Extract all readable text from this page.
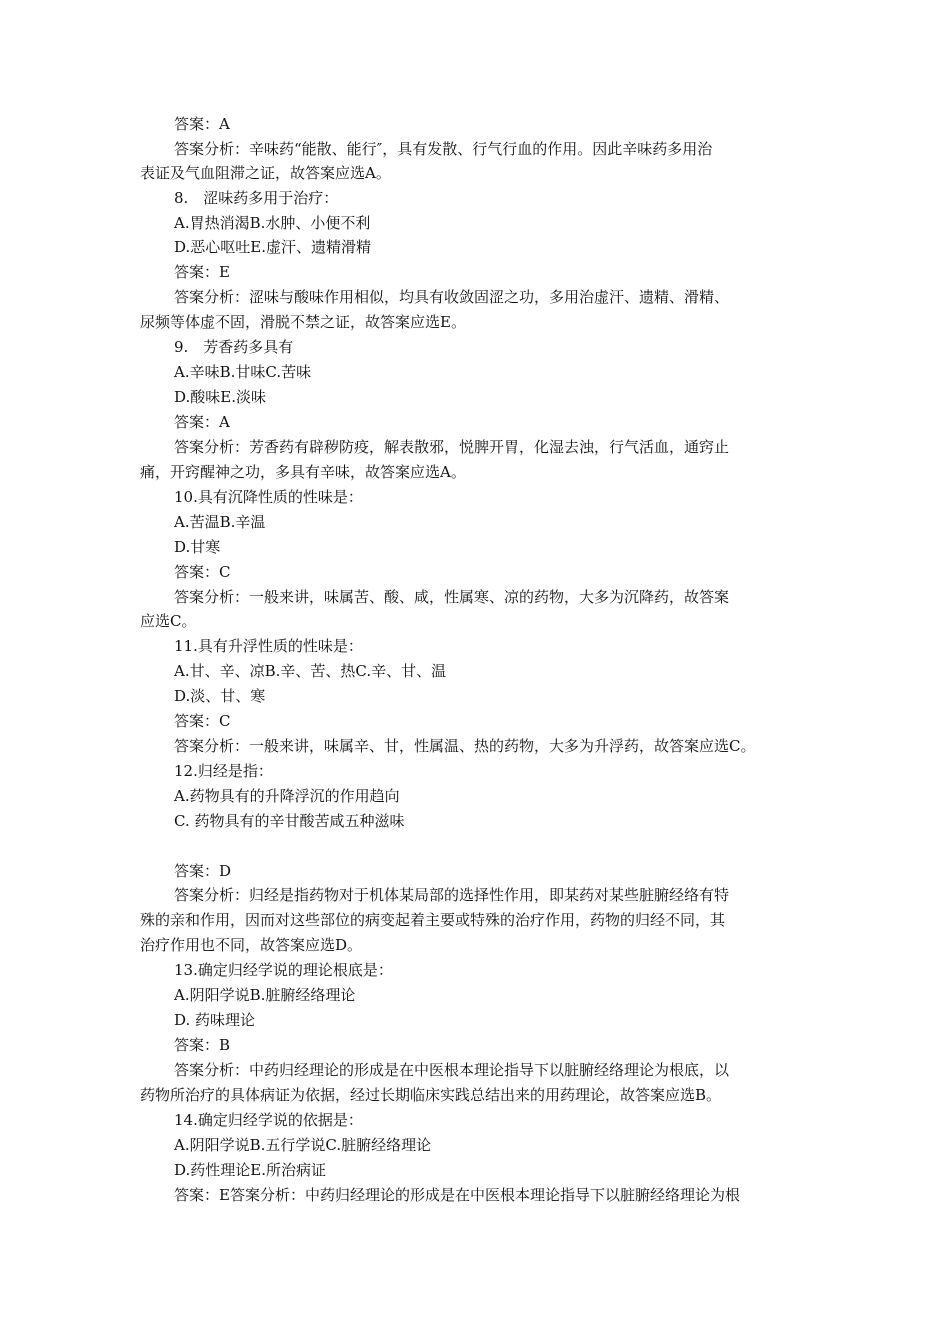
答案：A
答案分析：辛味药“能散、能行″，具有发散、行气行血的作用。因此辛味药多用治
表证及气血阻滞之证，故答案应选A。
8.　涩味药多用于治疗：
A.胃热消渴B.水肿、小便不利
D.恶心呕吐E.虚汗、遗精滑精
答案：E
答案分析：涩味与酸味作用相似，均具有收敛固涩之功，多用治虚汗、遗精、滑精、
尿频等体虚不固，滑脱不禁之证，故答案应选E。
9.　芳香药多具有
A.辛味B.甘味C.苦味
D.酸味E.淡味
答案：A
答案分析：芳香药有辟秽防疫，解表散邪，悦脾开胃，化湿去浊，行气活血，通窍止
痛，开窍醒神之功，多具有辛味，故答案应选A。
10.具有沉降性质的性味是：
A.苦温B.辛温
D.甘寒
答案：C
答案分析：一般来讲，味属苦、酸、咸，性属寒、凉的药物，大多为沉降药，故答案
应选C。
11.具有升浮性质的性味是：
A.甘、辛、凉B.辛、苦、热C.辛、甘、温
D.淡、甘、寒
答案：C
答案分析：一般来讲，味属辛、甘，性属温、热的药物，大多为升浮药，故答案应选C。
12.归经是指：
A.药物具有的升降浮沉的作用趋向
C. 药物具有的辛甘酸苦咸五种滋味
答案：D
答案分析：归经是指药物对于机体某局部的选择性作用，即某药对某些脏腑经络有特
殊的亲和作用，因而对这些部位的病变起着主要或特殊的治疗作用，药物的归经不同，其
治疗作用也不同，故答案应选D。
13.确定归经学说的理论根底是：
A.阴阳学说B.脏腑经络理论
D. 药味理论
答案：B
答案分析：中药归经理论的形成是在中医根本理论指导下以脏腑经络理论为根底，以
药物所治疗的具体病证为依据，经过长期临床实践总结出来的用药理论，故答案应选B。
14.确定归经学说的依据是：
A.阴阳学说B.五行学说C.脏腑经络理论
D.药性理论E.所治病证
答案：E答案分析：中药归经理论的形成是在中医根本理论指导下以脏腑经络理论为根
